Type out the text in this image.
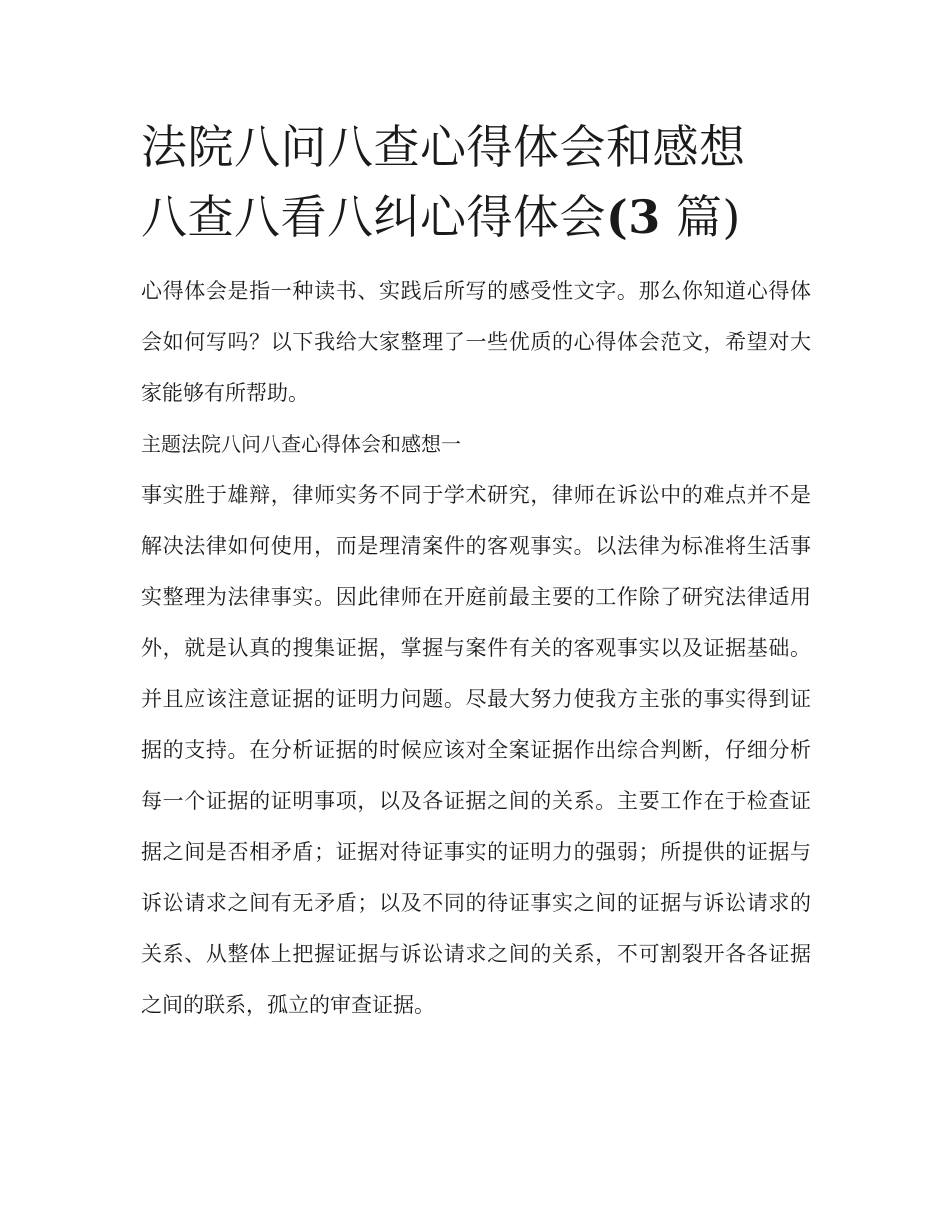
法院八问八查心得体会和感想
八查八看八纠心得体会(3 篇)

心得体会是指一种读书、实践后所写的感受性文字。那么你知道心得体会如何写吗？以下我给大家整理了一些优质的心得体会范文，希望对大家能够有所帮助。

主题法院八问八查心得体会和感想一

事实胜于雄辩，律师实务不同于学术研究，律师在诉讼中的难点并不是解决法律如何使用，而是理清案件的客观事实。以法律为标准将生活事实整理为法律事实。因此律师在开庭前最主要的工作除了研究法律适用外，就是认真的搜集证据，掌握与案件有关的客观事实以及证据基础。并且应该注意证据的证明力问题。尽最大努力使我方主张的事实得到证据的支持。在分析证据的时候应该对全案证据作出综合判断，仔细分析每一个证据的证明事项，以及各证据之间的关系。主要工作在于检查证据之间是否相矛盾；证据对待证事实的证明力的强弱；所提供的证据与诉讼请求之间有无矛盾；以及不同的待证事实之间的证据与诉讼请求的关系、从整体上把握证据与诉讼请求之间的关系，不可割裂开各各证据之间的联系，孤立的审查证据。
